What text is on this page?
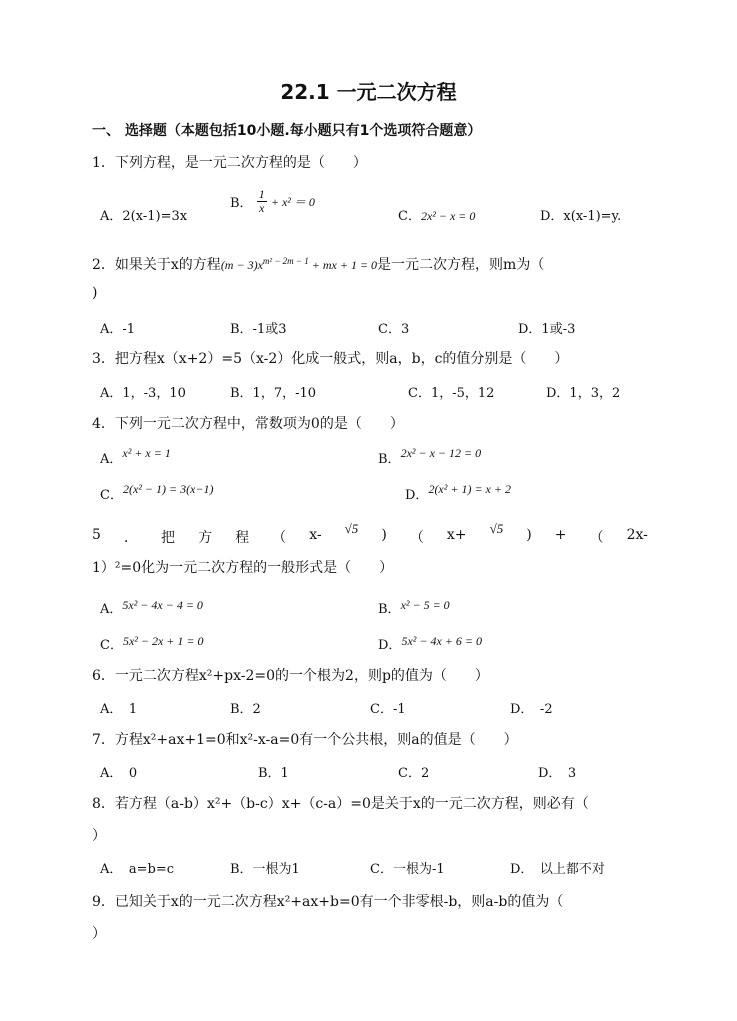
22.1 一元二次方程
一、 选择题（本题包括10小题.每小题只有1个选项符合题意）
1．下列方程，是一元二次方程的是（　　）
A．2(x-1)=3x
B． $\frac{1}{x} + x^2 = 0$
C．2x² − x = 0	D．x(x-1)=y.
2．如果关于x的方程$(m - 3)x^{m^2 - 2m - 1}$ + mx + 1 = 0是一元二次方程，则m为（
)
A．-1	B．-1或3	C．3	D．1或-3
3．把方程x（x+2）=5（x-2）化成一般式，则a，b，c的值分别是（　　）
A．1，-3，10	B．1，7，-10	C．1，-5，12	D．1，3，2
4．下列一元二次方程中，常数项为0的是（　　）
A．x² + x = 1	B．2x² − x − 12 = 0
C．2(x² − 1) = 3(x−1)	D．2(x² + 1) = x + 2
5 ． 把 方 程 （ x- √5 ) （ x+ √5 ) + （ 2x-
1）²=0化为一元二次方程的一般形式是（　　）
A．5x² − 4x − 4 = 0	B．x² − 5 = 0
C．5x² − 2x + 1 = 0	D．5x² − 4x + 6 = 0
6．一元二次方程x²+px-2=0的一个根为2，则p的值为（　　）
A．　1	B．2	C．-1	D．　-2
7．方程x²+ax+1=0和x²-x-a=0有一个公共根，则a的值是（　　）
A．　0	B．1	C．2	D．　3
8．若方程（a-b）x²+（b-c）x+（c-a）=0是关于x的一元二次方程，则必有（
）
A．　a=b=c	B．一根为1	C．一根为-1	D．　以上都不对
9．已知关于x的一元二次方程x²+ax+b=0有一个非零根-b，则a-b的值为（
）
